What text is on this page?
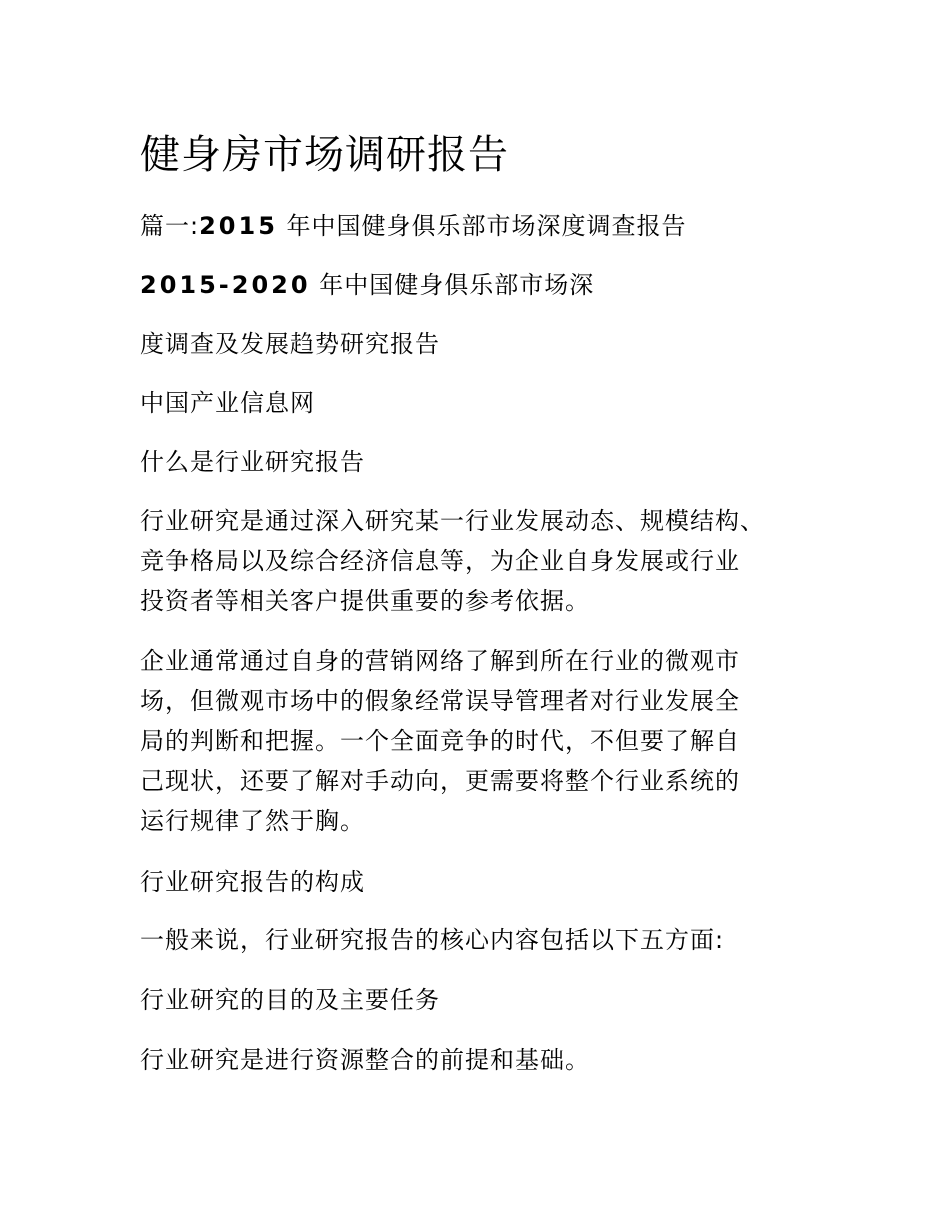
健身房市场调研报告

篇一:2015 年中国健身俱乐部市场深度调查报告

2015-2020 年中国健身俱乐部市场深

度调查及发展趋势研究报告

中国产业信息网

什么是行业研究报告

行业研究是通过深入研究某一行业发展动态、规模结构、

竞争格局以及综合经济信息等，为企业自身发展或行业

投资者等相关客户提供重要的参考依据。

企业通常通过自身的营销网络了解到所在行业的微观市

场，但微观市场中的假象经常误导管理者对行业发展全

局的判断和把握。一个全面竞争的时代，不但要了解自

己现状，还要了解对手动向，更需要将整个行业系统的

运行规律了然于胸。

行业研究报告的构成

一般来说，行业研究报告的核心内容包括以下五方面:

行业研究的目的及主要任务

行业研究是进行资源整合的前提和基础。
